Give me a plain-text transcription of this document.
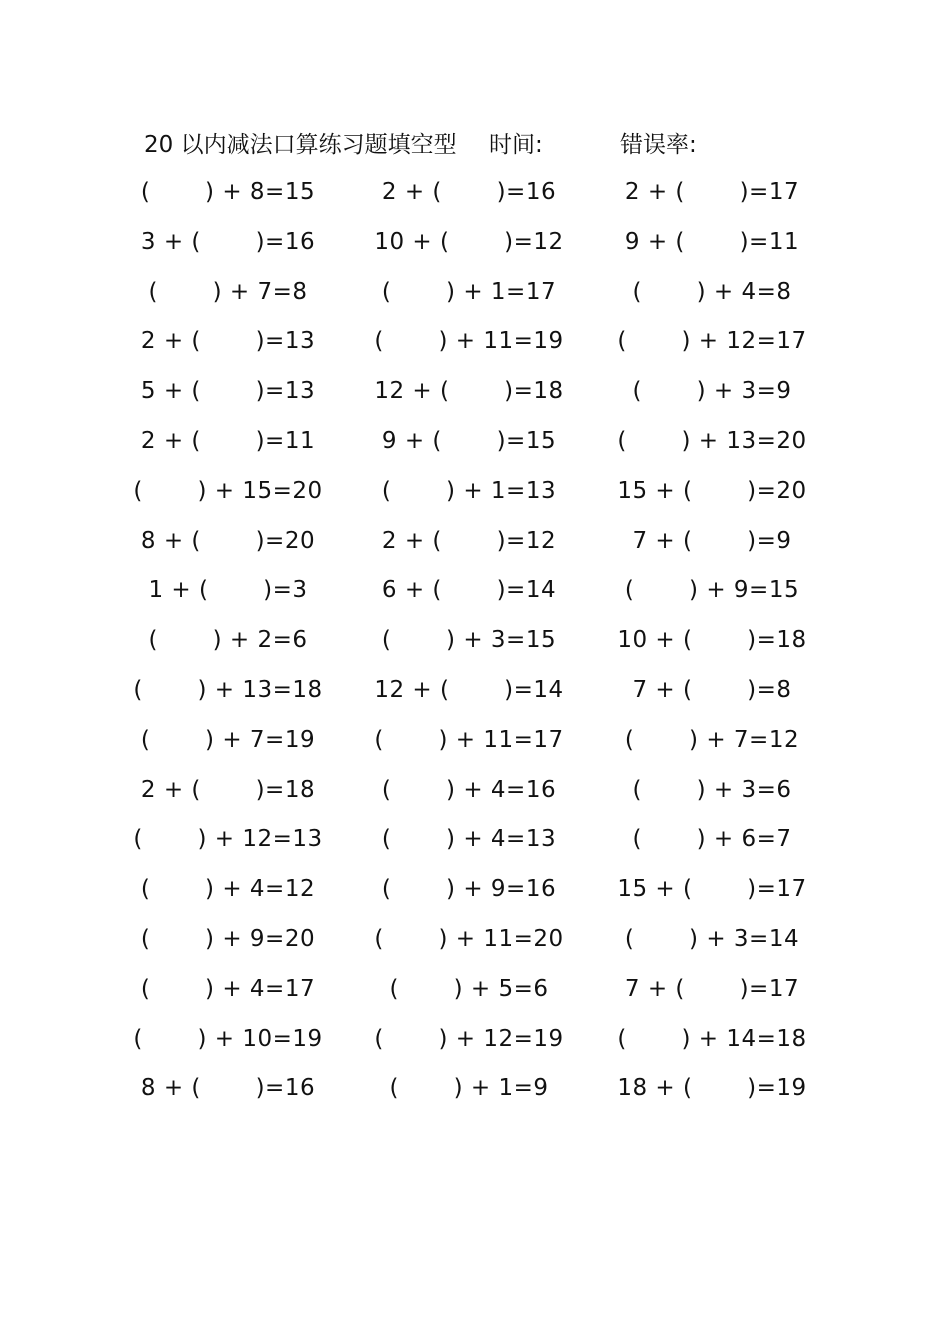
20 以内减法口算练习题填空型 时间:	错误率:
(       ) + 8=15	2 + (       )=16	2 + (       )=17
3 + (       )=16	10 + (       )=12	9 + (       )=11
(       ) + 7=8	(       ) + 1=17	(       ) + 4=8
2 + (       )=13	(       ) + 11=19	(       ) + 12=17
5 + (       )=13	12 + (       )=18	(       ) + 3=9
2 + (       )=11	9 + (       )=15	(       ) + 13=20
(       ) + 15=20	(       ) + 1=13	15 + (       )=20
8 + (       )=20	2 + (       )=12	7 + (       )=9
1 + (       )=3	6 + (       )=14	(       ) + 9=15
(       ) + 2=6	(       ) + 3=15	10 + (       )=18
(       ) + 13=18	12 + (       )=14	7 + (       )=8
(       ) + 7=19	(       ) + 11=17	(       ) + 7=12
2 + (       )=18	(       ) + 4=16	(       ) + 3=6
(       ) + 12=13	(       ) + 4=13	(       ) + 6=7
(       ) + 4=12	(       ) + 9=16	15 + (       )=17
(       ) + 9=20	(       ) + 11=20	(       ) + 3=14
(       ) + 4=17	(       ) + 5=6	7 + (       )=17
(       ) + 10=19	(       ) + 12=19	(       ) + 14=18
8 + (       )=16	(       ) + 1=9	18 + (       )=19
